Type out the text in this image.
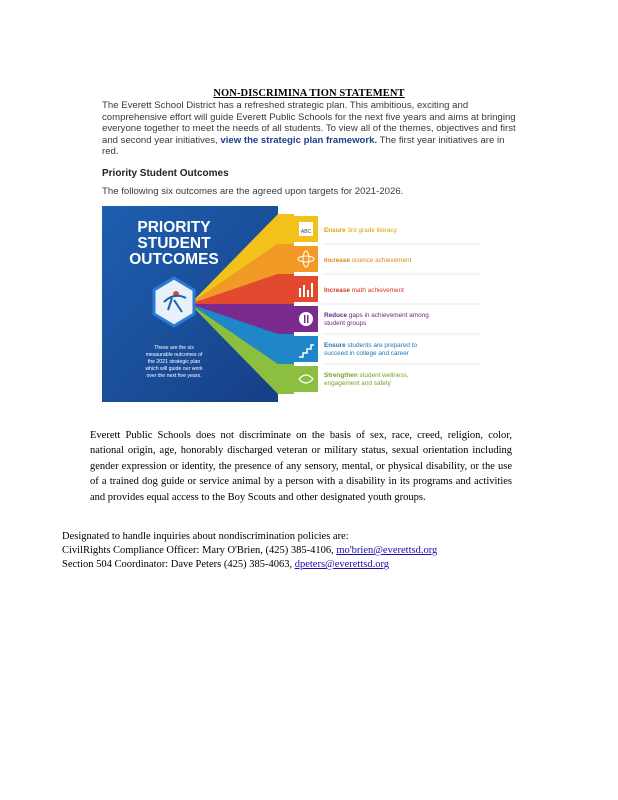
NON-DISCRIMINA TION STATEMENT
The Everett School District has a refreshed strategic plan. This ambitious, exciting and comprehensive effort will guide Everett Public Schools for the next five years and aims at bringing everyone together to meet the needs of all students. To view all of the themes, objectives and first and second year initiatives, view the strategic plan framework. The first year initiatives are in red.
Priority Student Outcomes
The following six outcomes are the agreed upon targets for 2021-2026.
ABC
PRIORITY
STUDENT
OUTCOMES
These are the six
measurable outcomes of
the 2021 strategic plan
which will guide our work
over the next five years.
Ensure 3rd grade literacy
Increase science achievement
Increase math achievement
Reduce gaps in achievement among
student groups
Ensure students are prepared to
succeed in college and career
Strengthen student wellness,
engagement and safety
Everett Public Schools does not discriminate on the basis of sex, race, creed, religion, color, national origin, age, honorably discharged veteran or military status, sexual orientation including gender expression or identity, the presence of any sensory, mental, or physical disability, or the use of a trained dog guide or service animal by a person with a disability in its programs and activities and provides equal access to the Boy Scouts and other designated youth groups.
Designated to handle inquiries about nondiscrimination policies are:
CivilRights Compliance Officer: Mary O'Brien, (425) 385-4106, mo'brien@everettsd.org
Section 504 Coordinator: Dave Peters (425) 385-4063, dpeters@everettsd.org
